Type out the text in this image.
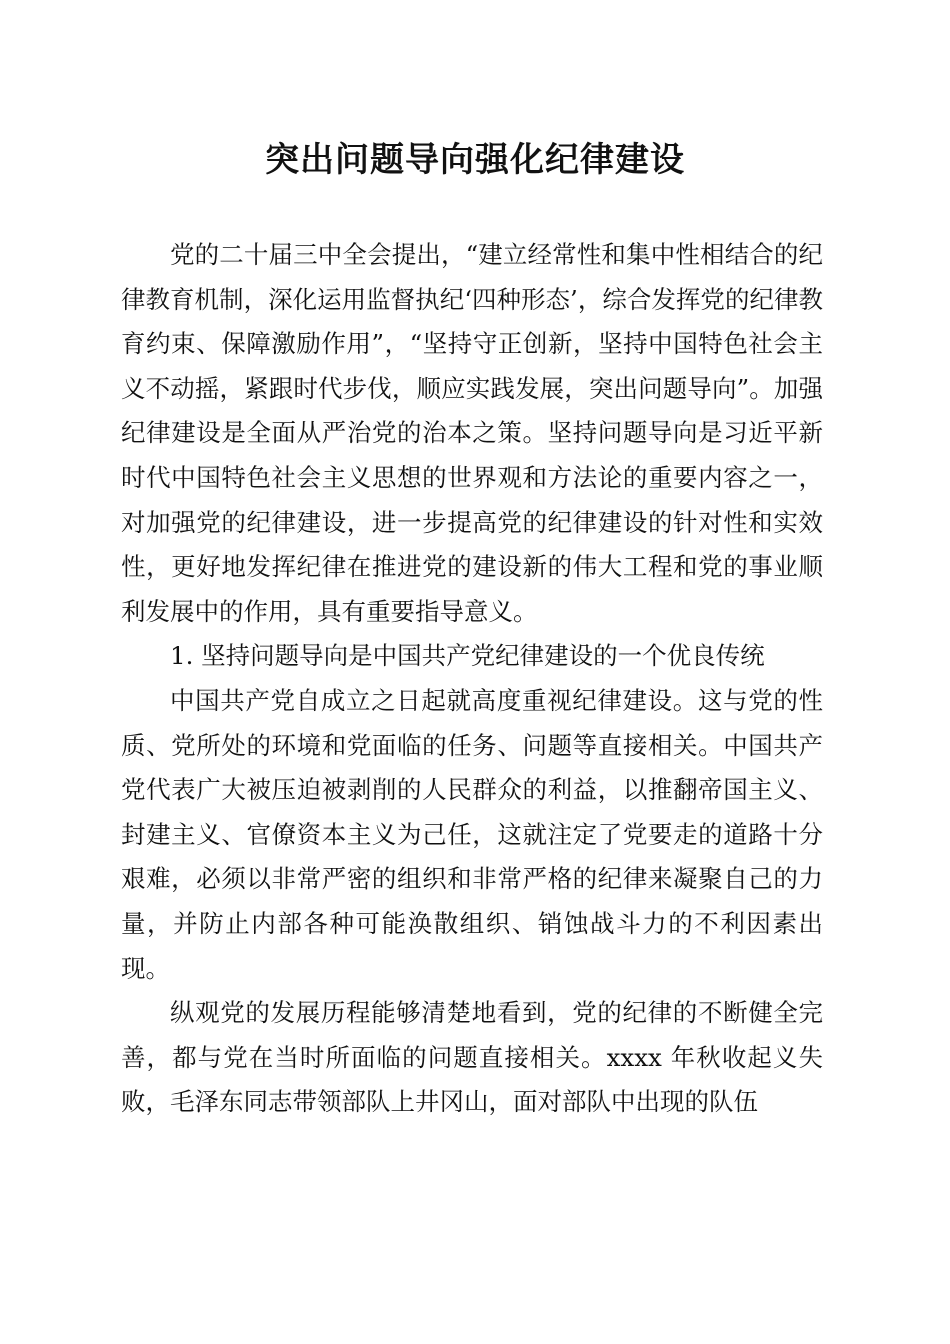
突出问题导向强化纪律建设

党的二十届三中全会提出，“建立经常性和集中性相结合的纪律教育机制，深化运用监督执纪‘四种形态’，综合发挥党的纪律教育约束、保障激励作用”，“坚持守正创新，坚持中国特色社会主义不动摇，紧跟时代步伐，顺应实践发展，突出问题导向”。加强纪律建设是全面从严治党的治本之策。坚持问题导向是习近平新时代中国特色社会主义思想的世界观和方法论的重要内容之一，对加强党的纪律建设，进一步提高党的纪律建设的针对性和实效性，更好地发挥纪律在推进党的建设新的伟大工程和党的事业顺利发展中的作用，具有重要指导意义。

1. 坚持问题导向是中国共产党纪律建设的一个优良传统

中国共产党自成立之日起就高度重视纪律建设。这与党的性质、党所处的环境和党面临的任务、问题等直接相关。中国共产党代表广大被压迫被剥削的人民群众的利益，以推翻帝国主义、封建主义、官僚资本主义为己任，这就注定了党要走的道路十分艰难，必须以非常严密的组织和非常严格的纪律来凝聚自己的力量，并防止内部各种可能涣散组织、销蚀战斗力的不利因素出现。

纵观党的发展历程能够清楚地看到，党的纪律的不断健全完善，都与党在当时所面临的问题直接相关。xxxx 年秋收起义失败，毛泽东同志带领部队上井冈山，面对部队中出现的队伍
